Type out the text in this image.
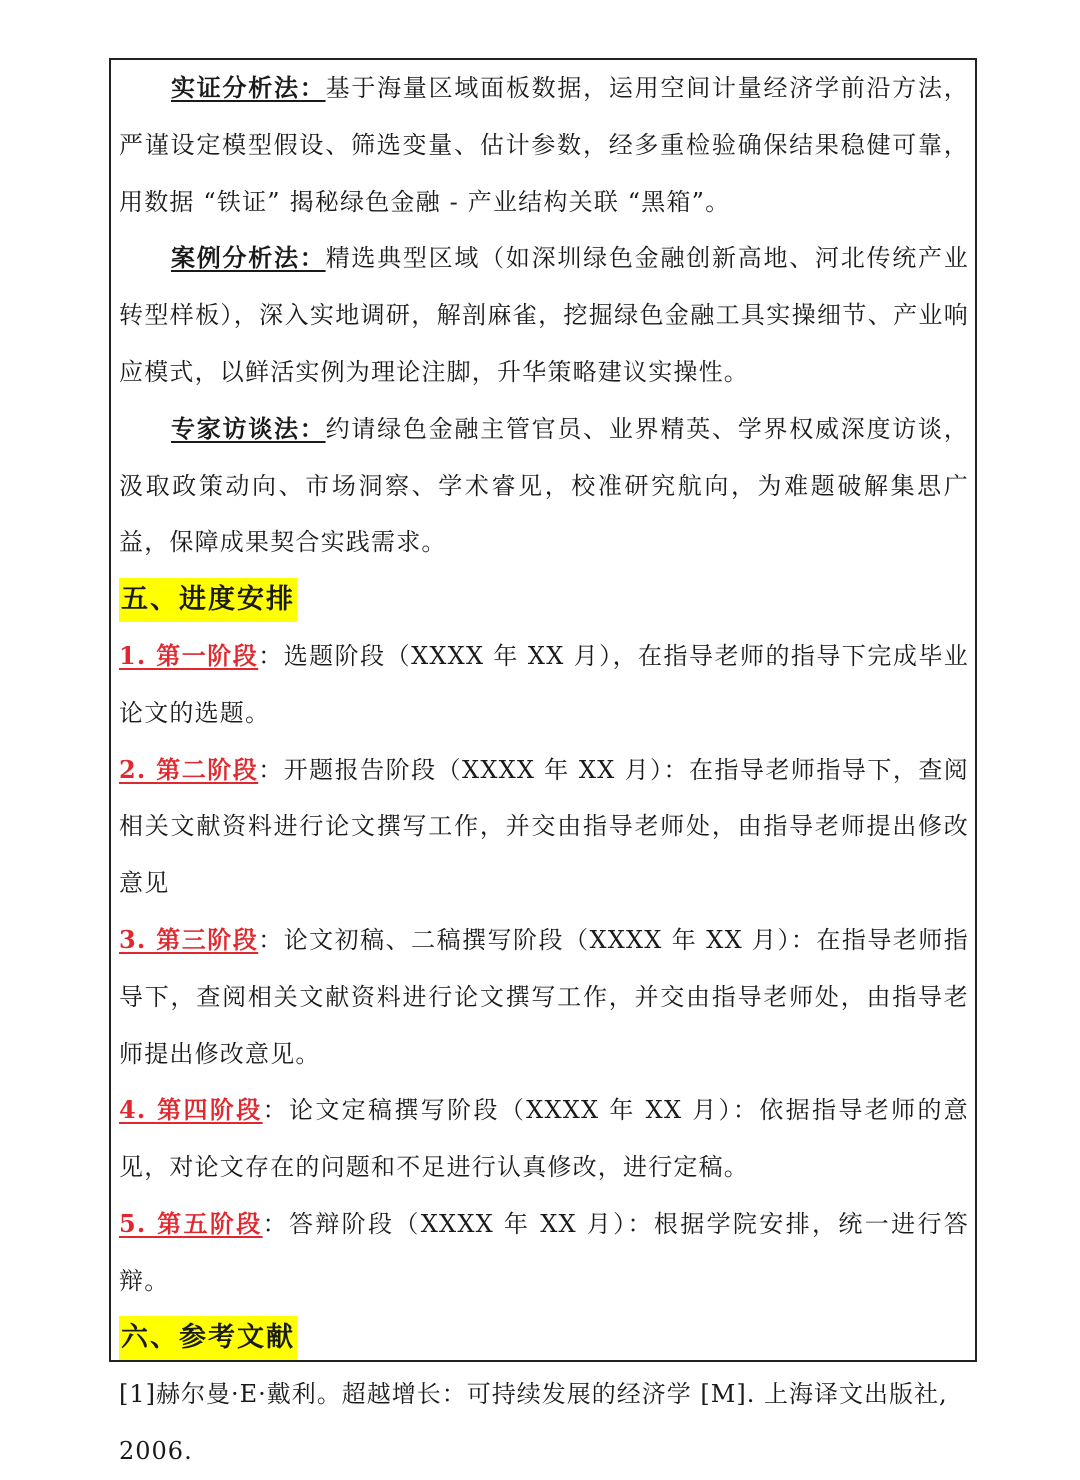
实证分析法：基于海量区域面板数据，运用空间计量经济学前沿方法，严谨设定模型假设、筛选变量、估计参数，经多重检验确保结果稳健可靠，用数据 “铁证” 揭秘绿色金融 - 产业结构关联 “黑箱”。

案例分析法：精选典型区域（如深圳绿色金融创新高地、河北传统产业转型样板），深入实地调研，解剖麻雀，挖掘绿色金融工具实操细节、产业响应模式，以鲜活实例为理论注脚，升华策略建议实操性。

专家访谈法：约请绿色金融主管官员、业界精英、学界权威深度访谈，汲取政策动向、市场洞察、学术睿见，校准研究航向，为难题破解集思广益，保障成果契合实践需求。

五、进度安排

1. 第一阶段：选题阶段（XXXX 年 XX 月），在指导老师的指导下完成毕业论文的选题。

2. 第二阶段：开题报告阶段（XXXX 年 XX 月）：在指导老师指导下，查阅相关文献资料进行论文撰写工作，并交由指导老师处，由指导老师提出修改意见

3. 第三阶段：论文初稿、二稿撰写阶段（XXXX 年 XX 月）：在指导老师指导下，查阅相关文献资料进行论文撰写工作，并交由指导老师处，由指导老师提出修改意见。

4. 第四阶段：论文定稿撰写阶段（XXXX 年 XX 月）：依据指导老师的意见，对论文存在的问题和不足进行认真修改，进行定稿。

5. 第五阶段：答辩阶段（XXXX 年 XX 月）：根据学院安排，统一进行答辩。

六、参考文献

[1]赫尔曼·E·戴利。超越增长：可持续发展的经济学 [M]. 上海译文出版社, 2006.
